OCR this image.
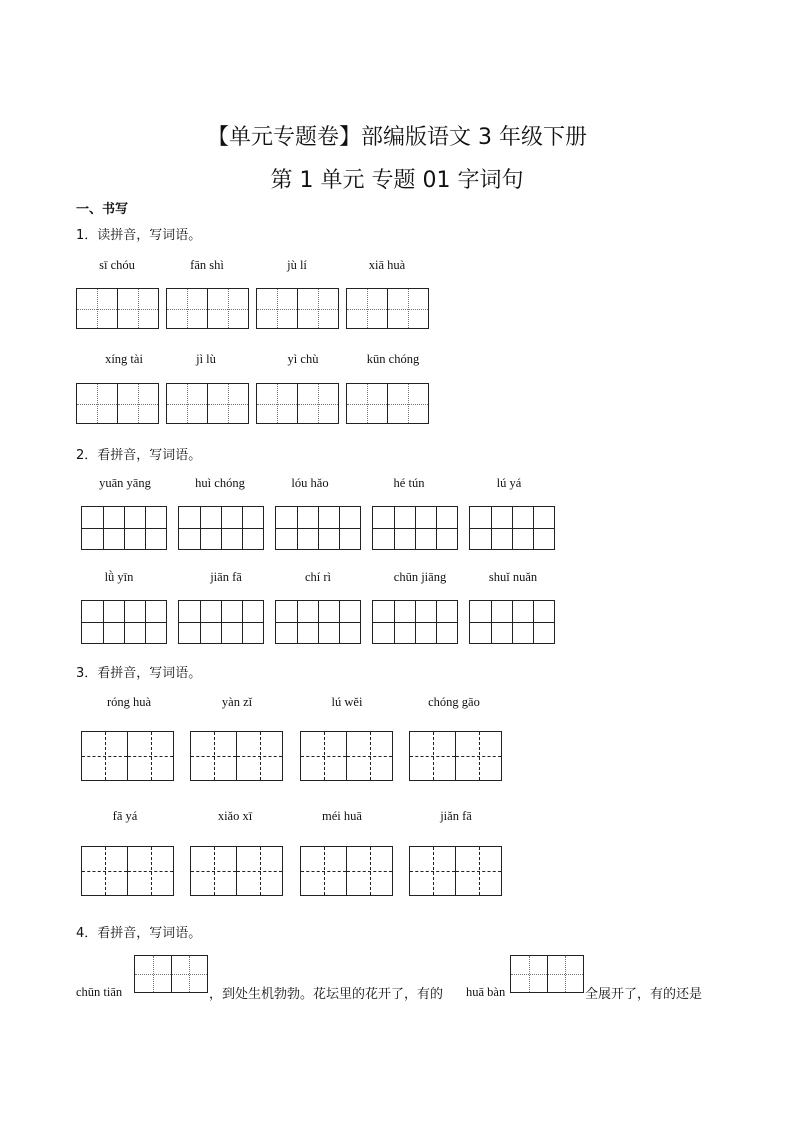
【单元专题卷】部编版语文 3 年级下册
第 1 单元 专题 01 字词句
一、书写
1．读拼音，写词语。
sī chóu	fān shì	jù lí	xiā huà
xíng tài	jì lù	yì chù	kūn chóng
2．看拼音，写词语。
yuān yāng	huì chóng	lóu hǎo	hé tún	lú yá
lǜ yīn	jiān fā	chí rì	chūn jiāng	shuǐ nuǎn
3．看拼音，写词语。
róng huà	yàn zǐ	lú wěi	chóng gāo
fā yá	xiǎo xī	méi huā	jiǎn fā
4．看拼音，写词语。
chūn tiān	，到处生机勃勃。花坛里的花开了，有的 huā bàn	全展开了，有的还是
